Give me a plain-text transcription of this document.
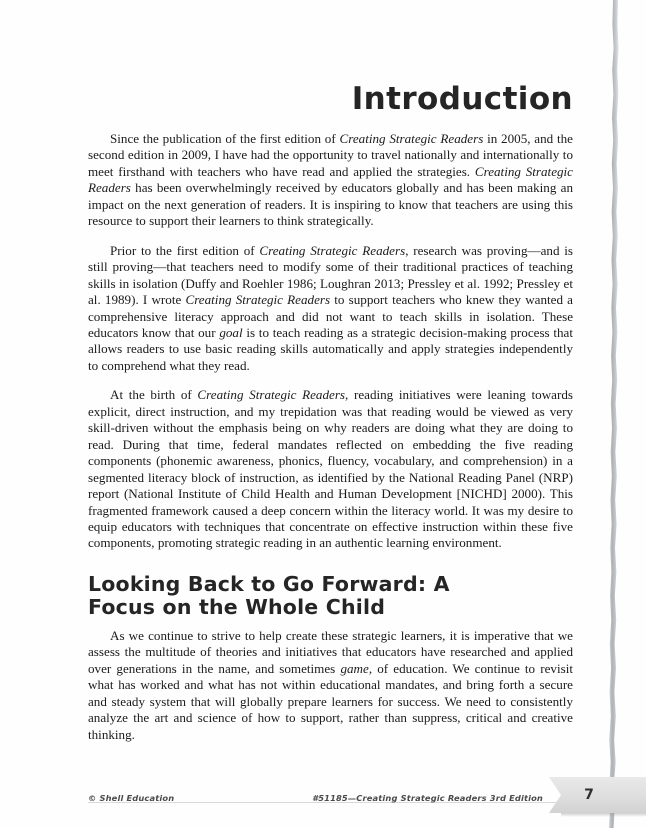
Introduction

Since the publication of the first edition of Creating Strategic Readers in 2005, and the second edition in 2009, I have had the opportunity to travel nationally and internationally to meet firsthand with teachers who have read and applied the strategies. Creating Strategic Readers has been overwhelmingly received by educators globally and has been making an impact on the next generation of readers. It is inspiring to know that teachers are using this resource to support their learners to think strategically.

Prior to the first edition of Creating Strategic Readers, research was proving—and is still proving—that teachers need to modify some of their traditional practices of teaching skills in isolation (Duffy and Roehler 1986; Loughran 2013; Pressley et al. 1992; Pressley et al. 1989). I wrote Creating Strategic Readers to support teachers who knew they wanted a comprehensive literacy approach and did not want to teach skills in isolation. These educators know that our goal is to teach reading as a strategic decision-making process that allows readers to use basic reading skills automatically and apply strategies independently to comprehend what they read.

At the birth of Creating Strategic Readers, reading initiatives were leaning towards explicit, direct instruction, and my trepidation was that reading would be viewed as very skill-driven without the emphasis being on why readers are doing what they are doing to read. During that time, federal mandates reflected on embedding the five reading components (phonemic awareness, phonics, fluency, vocabulary, and comprehension) in a segmented literacy block of instruction, as identified by the National Reading Panel (NRP) report (National Institute of Child Health and Human Development [NICHD] 2000). This fragmented framework caused a deep concern within the literacy world. It was my desire to equip educators with techniques that concentrate on effective instruction within these five components, promoting strategic reading in an authentic learning environment.

Looking Back to Go Forward: A Focus on the Whole Child

As we continue to strive to help create these strategic learners, it is imperative that we assess the multitude of theories and initiatives that educators have researched and applied over generations in the name, and sometimes game, of education. We continue to revisit what has worked and what has not within educational mandates, and bring forth a secure and steady system that will globally prepare learners for success. We need to consistently analyze the art and science of how to support, rather than suppress, critical and creative thinking.

© Shell Education	#51185—Creating Strategic Readers 3rd Edition	7
